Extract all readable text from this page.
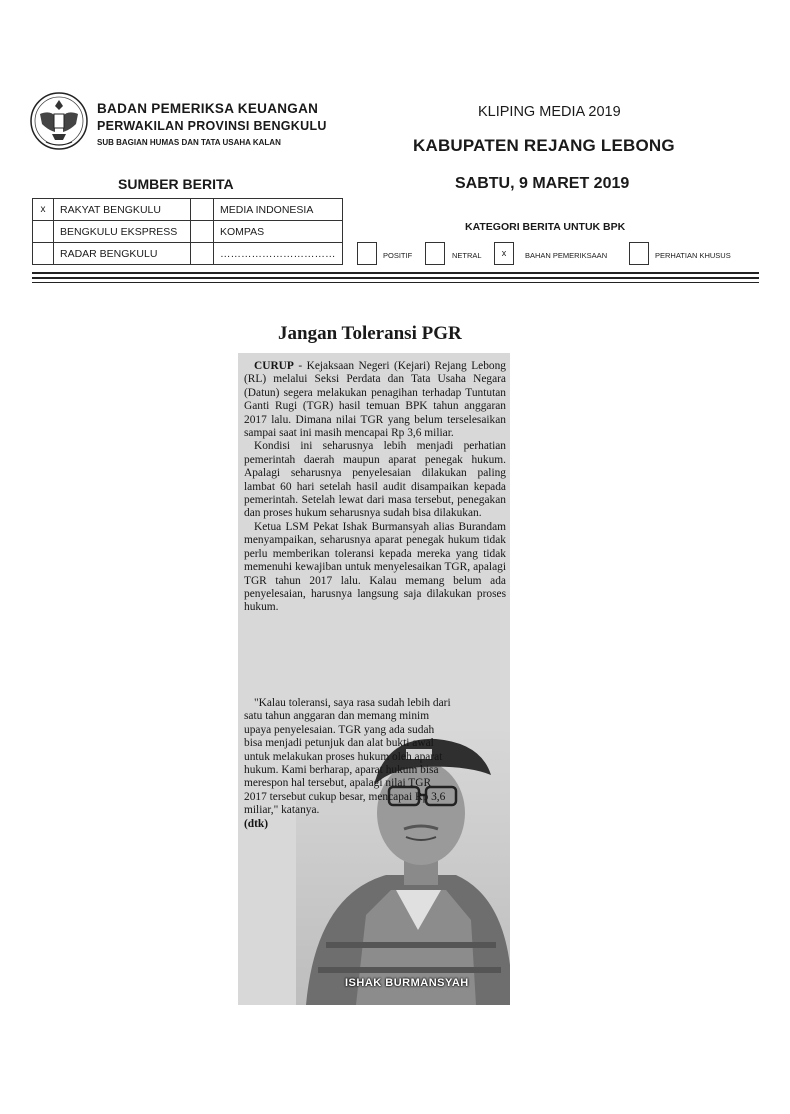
BADAN PEMERIKSA KEUANGAN
PERWAKILAN PROVINSI BENGKULU
SUB BAGIAN HUMAS DAN TATA USAHA KALAN
KLIPING MEDIA 2019
KABUPATEN REJANG LEBONG
SABTU, 9 MARET 2019
SUMBER BERITA
x	RAKYAT BENGKULU		MEDIA INDONESIA
	BENGKULU EKSPRESS		KOMPAS
	RADAR BENGKULU		……………………………
KATEGORI BERITA UNTUK BPK
POSITIF	NETRAL	x	BAHAN PEMERIKSAAN	PERHATIAN KHUSUS
Jangan Toleransi PGR

CURUP - Kejaksaan Negeri (Kejari) Rejang Lebong (RL) melalui Seksi Perdata dan Tata Usaha Negara (Datun) segera melakukan penagihan terhadap Tuntutan Ganti Rugi (TGR) hasil temuan BPK tahun anggaran 2017 lalu. Dimana nilai TGR yang belum terselesaikan sampai saat ini masih mencapai Rp 3,6 miliar.

Kondisi ini seharusnya lebih menjadi perhatian pemerintah daerah maupun aparat penegak hukum. Apalagi seharusnya penyelesaian dilakukan paling lambat 60 hari setelah hasil audit disampaikan kepada pemerintah. Setelah lewat dari masa tersebut, penegakan dan proses hukum seharusnya sudah bisa dilakukan.

Ketua LSM Pekat Ishak Burmansyah alias Burandam menyampaikan, seharusnya aparat penegak hukum tidak perlu memberikan toleransi kepada mereka yang tidak memenuhi kewajiban untuk menyelesaikan TGR, apalagi TGR tahun 2017 lalu. Kalau memang belum ada penyelesaian, harusnya langsung saja dilakukan proses hukum.

"Kalau toleransi, saya rasa sudah lebih dari satu tahun anggaran dan memang minim upaya penyelesaian. TGR yang ada sudah bisa menjadi petunjuk dan alat bukti awal untuk melakukan proses hukum oleh aparat hukum. Kami berharap, aparat hukum bisa merespon hal tersebut, apalagi nilai TGR 2017 tersebut cukup besar, mencapai Rp 3,6 miliar," katanya.

(dtk)

ISHAK BURMANSYAH
